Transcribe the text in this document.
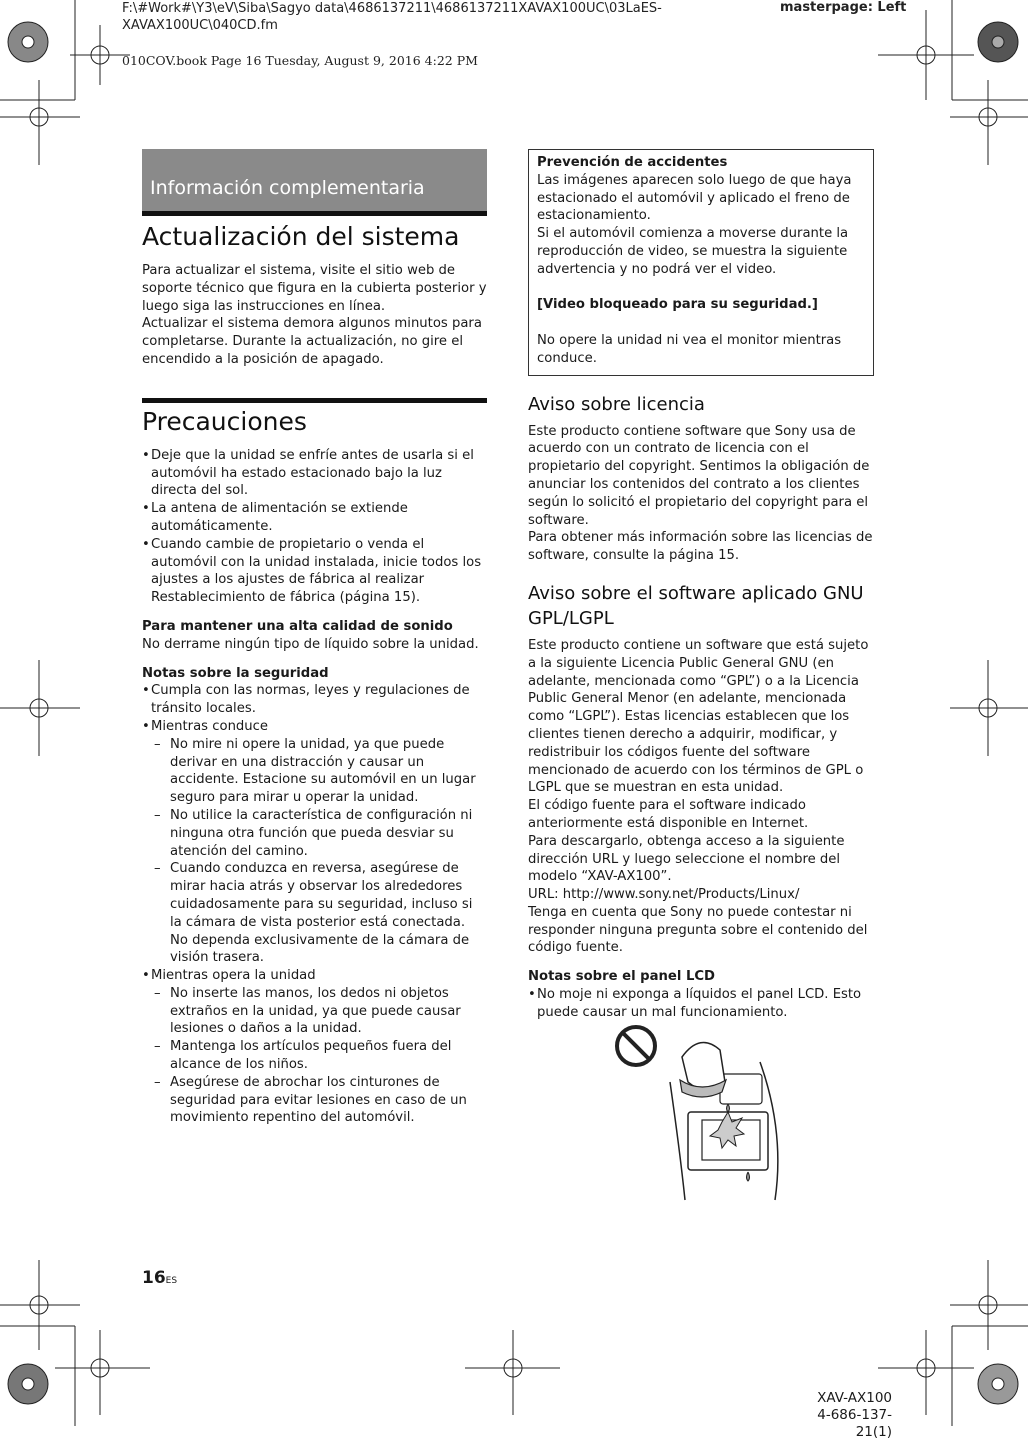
F:\#Work#\Y3\eV\Siba\Sagyo data\4686137211\4686137211XAVAX100UC\03LaES-XAVAX100UC\040CD.fm
masterpage: Left
010COV.book Page 16 Tuesday, August 9, 2016 4:22 PM
Información complementaria
Actualización del sistema

Para actualizar el sistema, visite el sitio web de soporte técnico que figura en la cubierta posterior y luego siga las instrucciones en línea.

Actualizar el sistema demora algunos minutos para completarse. Durante la actualización, no gire el encendido a la posición de apagado.

Precauciones
• Deje que la unidad se enfríe antes de usarla si el automóvil ha estado estacionado bajo la luz directa del sol.
• La antena de alimentación se extiende automáticamente.
• Cuando cambie de propietario o venda el automóvil con la unidad instalada, inicie todos los ajustes a los ajustes de fábrica al realizar Restablecimiento de fábrica (página 15).
Para mantener una alta calidad de sonido

No derrame ningún tipo de líquido sobre la unidad.

Notas sobre la seguridad
• Cumpla con las normas, leyes y regulaciones de tránsito locales.
• Mientras conduce
– No mire ni opere la unidad, ya que puede derivar en una distracción y causar un accidente. Estacione su automóvil en un lugar seguro para mirar u operar la unidad.
– No utilice la característica de configuración ni ninguna otra función que pueda desviar su atención del camino.
– Cuando conduzca en reversa, asegúrese de mirar hacia atrás y observar los alrededores cuidadosamente para su seguridad, incluso si la cámara de vista posterior está conectada. No dependa exclusivamente de la cámara de visión trasera.
• Mientras opera la unidad
– No inserte las manos, los dedos ni objetos extraños en la unidad, ya que puede causar lesiones o daños a la unidad.
– Mantenga los artículos pequeños fuera del alcance de los niños.
– Asegúrese de abrochar los cinturones de seguridad para evitar lesiones en caso de un movimiento repentino del automóvil.
Prevención de accidentes

Las imágenes aparecen solo luego de que haya estacionado el automóvil y aplicado el freno de estacionamiento.

Si el automóvil comienza a moverse durante la reproducción de video, se muestra la siguiente advertencia y no podrá ver el video.

[Video bloqueado para su seguridad.]

No opere la unidad ni vea el monitor mientras conduce.

Aviso sobre licencia

Este producto contiene software que Sony usa de acuerdo con un contrato de licencia con el propietario del copyright. Sentimos la obligación de anunciar los contenidos del contrato a los clientes según lo solicitó el propietario del copyright para el software.

Para obtener más información sobre las licencias de software, consulte la página 15.

Aviso sobre el software aplicado GNU GPL/LGPL

Este producto contiene un software que está sujeto a la siguiente Licencia Public General GNU (en adelante, mencionada como “GPL”) o a la Licencia Public General Menor (en adelante, mencionada como “LGPL”). Estas licencias establecen que los clientes tienen derecho a adquirir, modificar, y redistribuir los códigos fuente del software mencionado de acuerdo con los términos de GPL o LGPL que se muestran en esta unidad.

El código fuente para el software indicado anteriormente está disponible en Internet.

Para descargarlo, obtenga acceso a la siguiente dirección URL y luego seleccione el nombre del modelo “XAV-AX100”.

URL: http://www.sony.net/Products/Linux/

Tenga en cuenta que Sony no puede contestar ni responder ninguna pregunta sobre el contenido del código fuente.

Notas sobre el panel LCD
• No moje ni exponga a líquidos el panel LCD. Esto puede causar un mal funcionamiento.
16ES
XAV-AX100
4-686-137-21(1)
